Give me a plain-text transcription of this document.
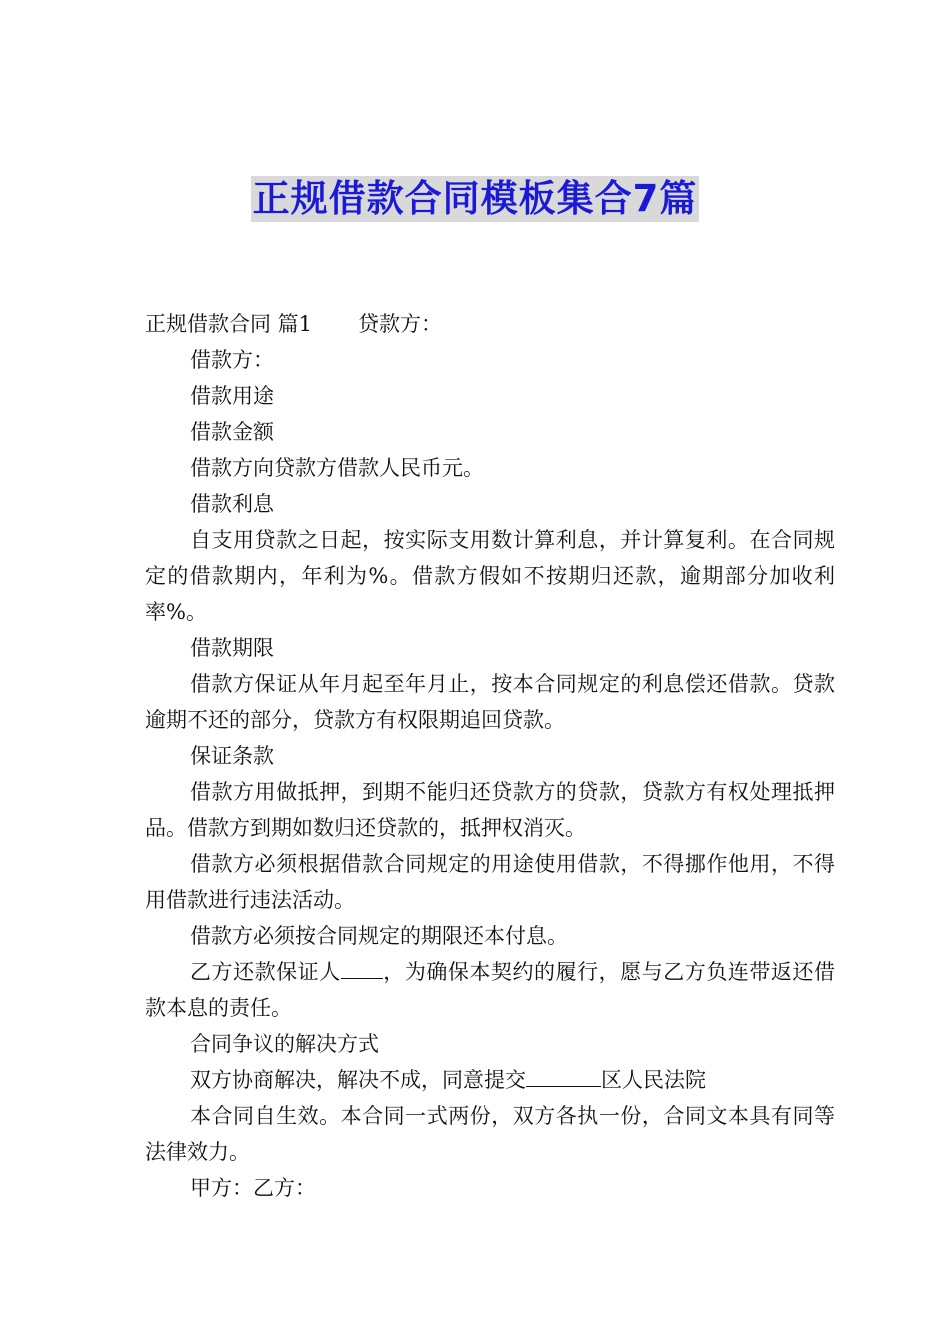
正规借款合同模板集合7篇

正规借款合同 篇1 贷款方：

借款方：

借款用途

借款金额

借款方向贷款方借款人民币元。

借款利息

自支用贷款之日起，按实际支用数计算利息，并计算复利。在合同规定的借款期内，年利为%。借款方假如不按期归还款，逾期部分加收利率%。

借款期限

借款方保证从年月起至年月止，按本合同规定的利息偿还借款。贷款逾期不还的部分，贷款方有权限期追回贷款。

保证条款

借款方用做抵押，到期不能归还贷款方的贷款，贷款方有权处理抵押品。借款方到期如数归还贷款的，抵押权消灭。

借款方必须根据借款合同规定的用途使用借款，不得挪作他用，不得用借款进行违法活动。

借款方必须按合同规定的期限还本付息。

乙方还款保证人 ，为确保本契约的履行，愿与乙方负连带返还借款本息的责任。

合同争议的解决方式

双方协商解决，解决不成，同意提交	区人民法院

本合同自生效。本合同一式两份，双方各执一份，合同文本具有同等法律效力。

甲方：乙方：
